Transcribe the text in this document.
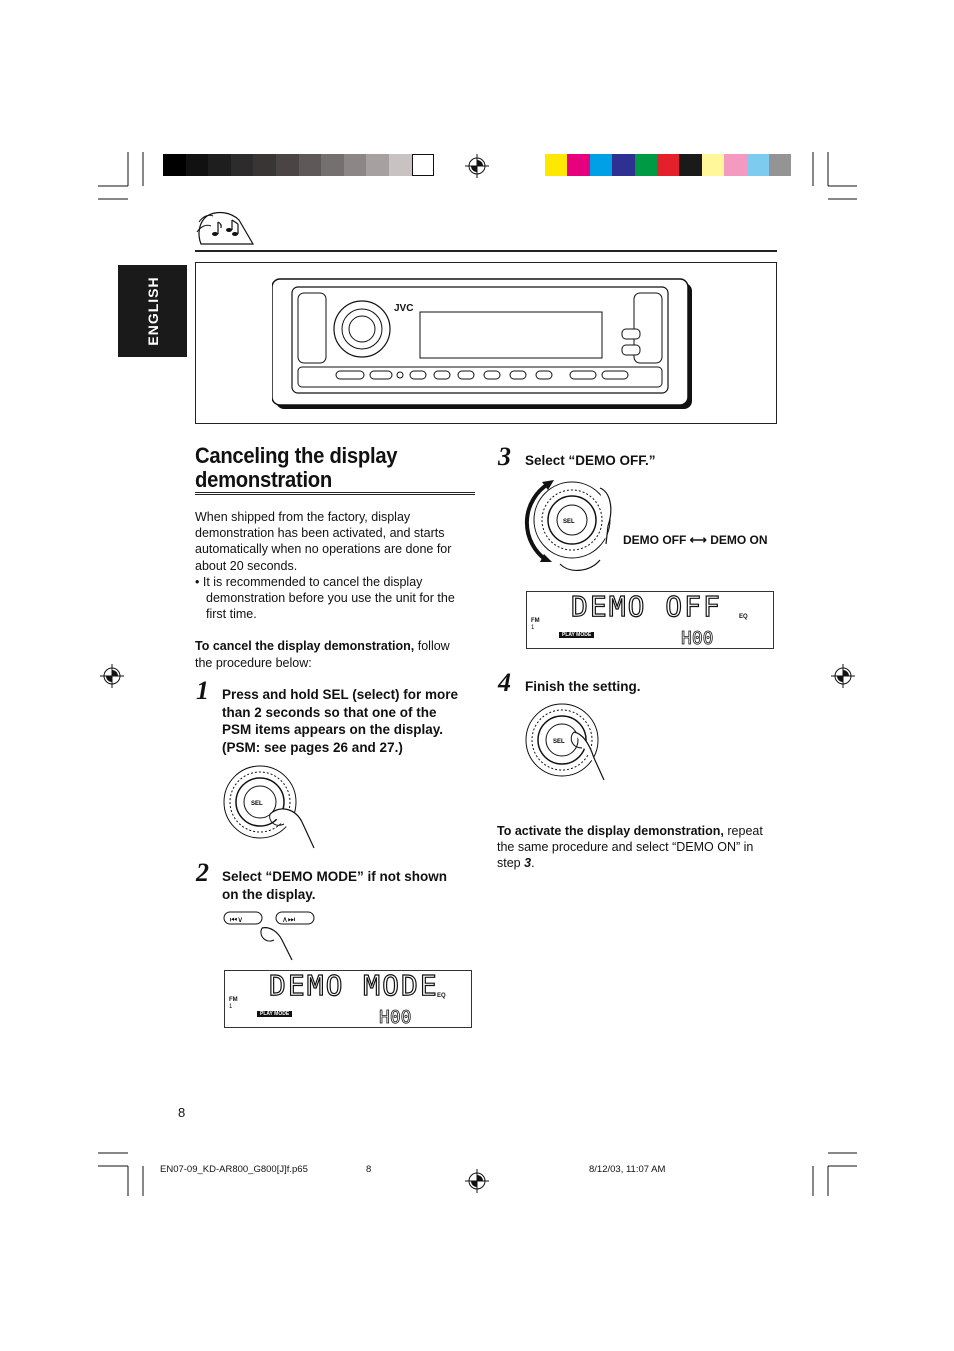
ENGLISH	JVC
Canceling the display
demonstration
When shipped from the factory, display
demonstration has been activated, and starts
automatically when no operations are done for
about 20 seconds.
• It is recommended to cancel the display
demonstration before you use the unit for the
first time.
To cancel the display demonstration, follow
the procedure below:
1 Press and hold SEL (select) for more
than 2 seconds so that one of the
PSM items appears on the display.
(PSM: see pages 26 and 27.)
SEL
2 Select “DEMO MODE” if not shown
on the display.
⏮∨	∧⏭
DEMO MODE
FM
1
PLAY MODE
EQ
H00
3 Select “DEMO OFF.”
SEL
DEMO OFF ⟷ DEMO ON
DEMO OFF
FM
1
PLAY MODE
EQ
H00
4 Finish the setting.
SEL
To activate the display demonstration, repeat
the same procedure and select “DEMO ON” in
step 3.
8
EN07-09_KD-AR800_G800[J]f.p65	8	8/12/03, 11:07 AM
